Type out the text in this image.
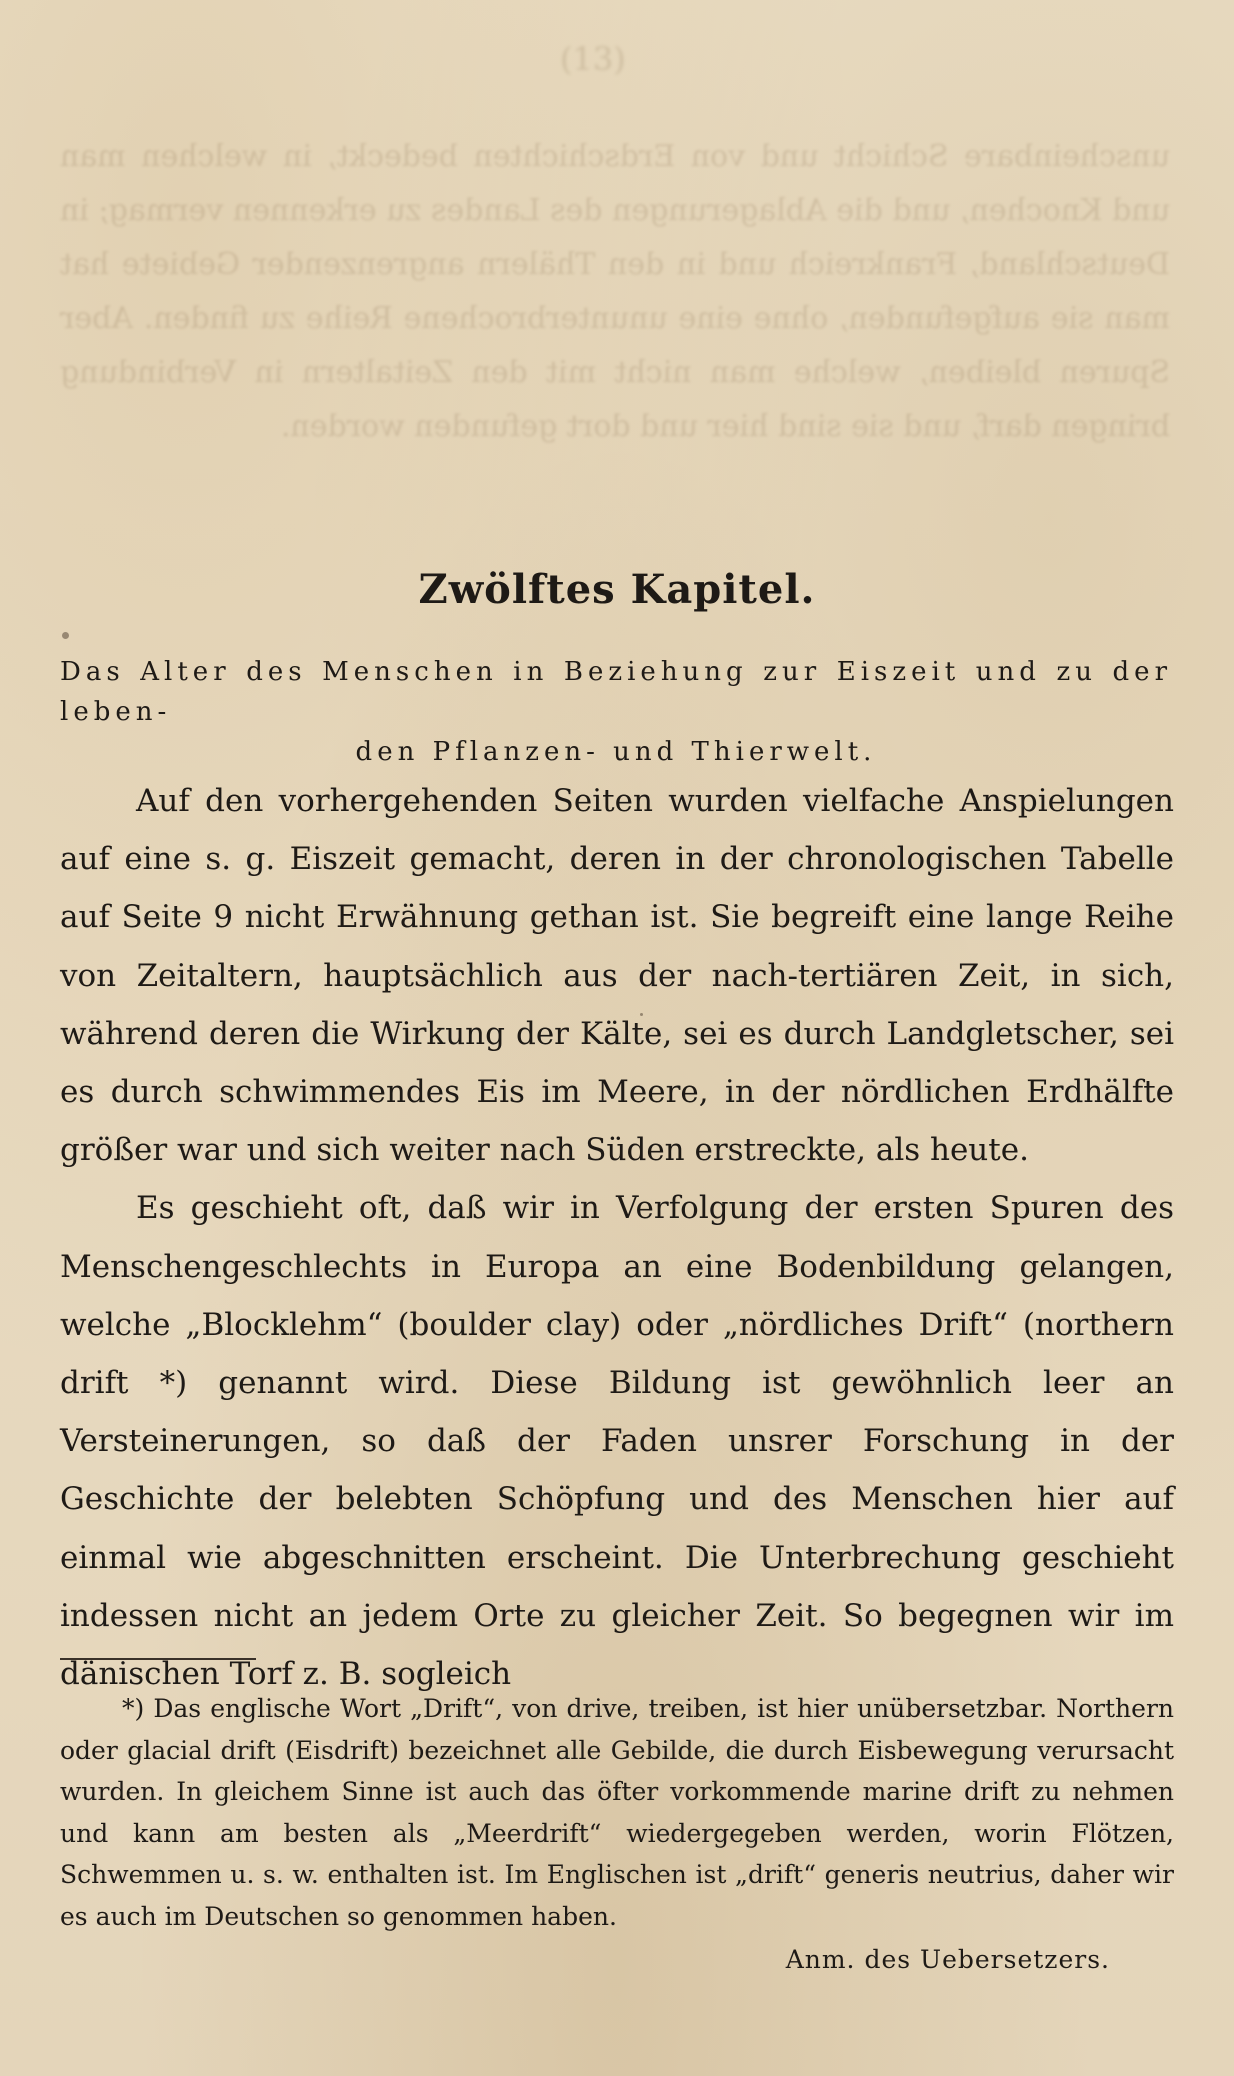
(13)
unscheinbare Schicht und von Erdschichten bedeckt, in welchen man und Knochen, und die Ablagerungen des Landes zu erkennen vermag; in Deutschland, Frankreich und in den Thälern angrenzender Gebiete hat man sie aufgefunden, ohne eine ununterbrochene Reihe zu finden. Aber Spuren bleiben, welche man nicht mit den Zeitaltern in Verbindung bringen darf, und sie sind hier und dort gefunden worden.
Zwölftes Kapitel.
Das Alter des Menschen in Beziehung zur Eiszeit und zu der leben-
den Pflanzen- und Thierwelt.

Auf den vorhergehenden Seiten wurden vielfache Anspielungen auf eine s. g. Eiszeit gemacht, deren in der chronologischen Tabelle auf Seite 9 nicht Erwähnung gethan ist. Sie begreift eine lange Reihe von Zeitaltern, hauptsächlich aus der nach-tertiären Zeit, in sich, während deren die Wirkung der Kälte, sei es durch Landgletscher, sei es durch schwimmendes Eis im Meere, in der nördlichen Erdhälfte größer war und sich weiter nach Süden erstreckte, als heute.

Es geschieht oft, daß wir in Verfolgung der ersten Spuren des Menschengeschlechts in Europa an eine Bodenbildung gelangen, welche „Blocklehm“ (boulder clay) oder „nördliches Drift“ (northern drift *) genannt wird. Diese Bildung ist gewöhnlich leer an Versteinerungen, so daß der Faden unsrer Forschung in der Geschichte der belebten Schöpfung und des Menschen hier auf einmal wie abgeschnitten erscheint. Die Unterbrechung geschieht indessen nicht an jedem Orte zu gleicher Zeit. So begegnen wir im dänischen Torf z. B. sogleich

*) Das englische Wort „Drift“, von drive, treiben, ist hier unübersetzbar. Northern oder glacial drift (Eisdrift) bezeichnet alle Gebilde, die durch Eisbewegung verursacht wurden. In gleichem Sinne ist auch das öfter vorkommende marine drift zu nehmen und kann am besten als „Meerdrift“ wiedergegeben werden, worin Flötzen, Schwemmen u. s. w. enthalten ist. Im Englischen ist „drift“ generis neutrius, daher wir es auch im Deutschen so genommen haben.
Anm. des Uebersetzers.
